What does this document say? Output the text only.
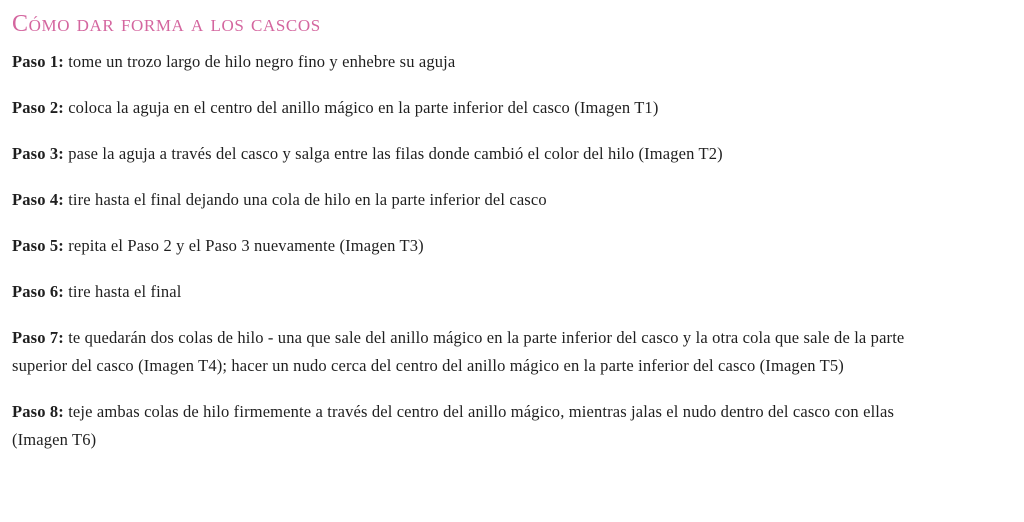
Cómo dar forma a los cascos
Paso 1: tome un trozo largo de hilo negro fino y enhebre su aguja
Paso 2: coloca la aguja en el centro del anillo mágico en la parte inferior del casco (Imagen T1)
Paso 3: pase la aguja a través del casco y salga entre las filas donde cambió el color del hilo (Imagen T2)
Paso 4: tire hasta el final dejando una cola de hilo en la parte inferior del casco
Paso 5: repita el Paso 2 y el Paso 3 nuevamente (Imagen T3)
Paso 6: tire hasta el final
Paso 7: te quedarán dos colas de hilo - una que sale del anillo mágico en la parte inferior del casco y la otra cola que sale de la parte superior del casco (Imagen T4); hacer un nudo cerca del centro del anillo mágico en la parte inferior del casco (Imagen T5)
Paso 8: teje ambas colas de hilo firmemente a través del centro del anillo mágico, mientras jalas el nudo dentro del casco con ellas (Imagen T6)
